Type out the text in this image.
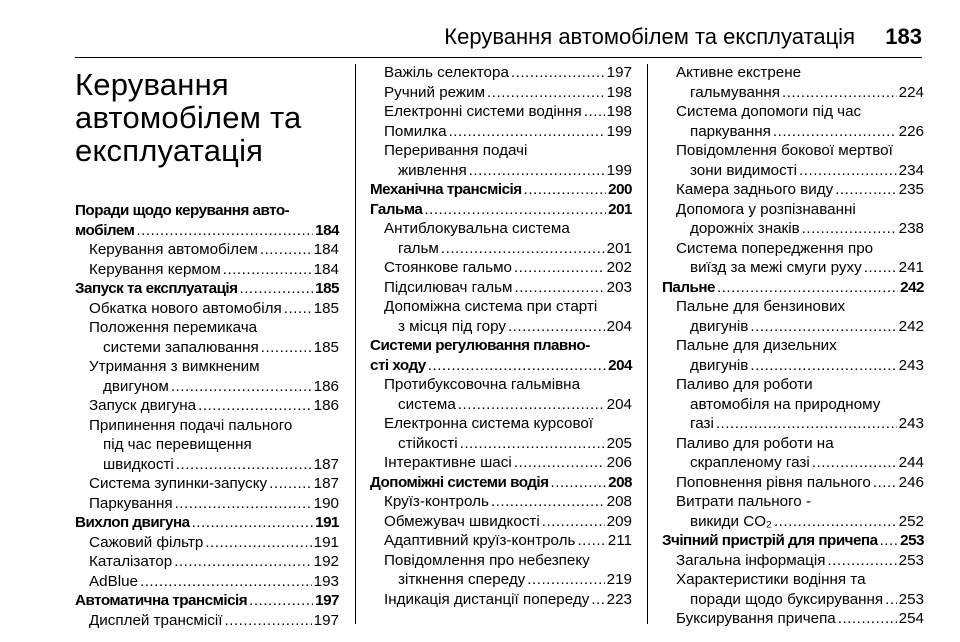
Керування автомобілем та експлуатація 183
Керування автомобілем та експлуатація
Поради щодо керування авто-
мобілем .....	184
Керування автомобілем .....	184
Керування кермом .....	184
Запуск та експлуатація .....	185
Обкатка нового автомобіля ..... 185
Положення перемикача
системи запалювання .....	185
Утримання з вимкненим
двигуном .....	186
Запуск двигуна .....	186
Припинення подачі пального
під час перевищення
швидкості .....	187
Система зупинки-запуску .....	187
Паркування .....	190
Вихлоп двигуна .....	191
Сажовий фільтр .....	191
Каталізатор .....	192
AdBlue .....	193
Автоматична трансмісія .....	197
Дисплей трансмісії .....	197
Важіль селектора .....	197
Ручний режим .....	198
Електронні системи водіння ..... 198
Помилка .....	199
Переривання подачі
живлення .....	199
Механічна трансмісія .....	200
Гальма .....	201
Антиблокувальна система
гальм .....	201
Стоянкове гальмо .....	202
Підсилювач гальм .....	203
Допоміжна система при старті
з місця під гору .....	204
Системи регулювання плавно-
сті ходу .....	204
Протибуксовочна гальмівна
система .....	204
Електронна система курсової
стійкості .....	205
Інтерактивне шасі .....	206
Допоміжні системи водія .....	208
Круїз-контроль .....	208
Обмежувач швидкості .....	209
Адаптивний круїз-контроль ..... 211
Повідомлення про небезпеку
зіткнення спереду .....	219
Індикація дистанції попереду ..... 223
Активне екстрене
гальмування .....	224
Система допомоги під час
паркування .....	226
Повідомлення бокової мертвої
зони видимості .....	234
Камера заднього виду .....	235
Допомога у розпізнаванні
дорожніх знаків .....	238
Система попередження про
виїзд за межі смуги руху ..... 241
Пальне .....	242
Пальне для бензинових
двигунів .....	242
Пальне для дизельних
двигунів .....	243
Паливо для роботи
автомобіля на природному
газі .....	243
Паливо для роботи на
скрапленому газі .....	244
Поповнення рівня пального ..... 246
Витрати пального -
викиди CO₂ .....	252
Зчіпний пристрій для причепа ..... 253
Загальна інформація .....	253
Характеристики водіння та
поради щодо буксирування ..... 253
Буксирування причепа .....	254
